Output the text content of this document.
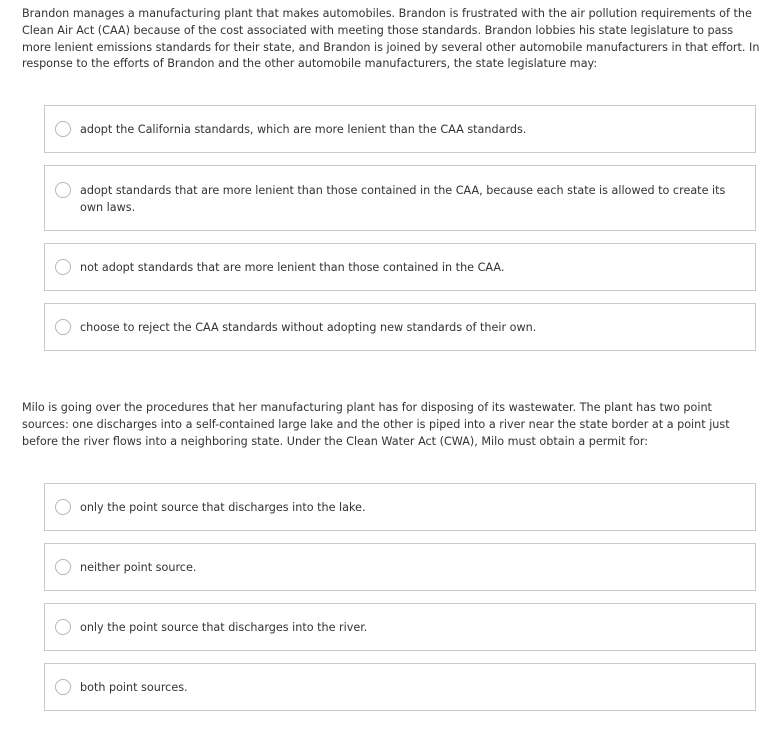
Brandon manages a manufacturing plant that makes automobiles. Brandon is frustrated with the air pollution requirements of the Clean Air Act (CAA) because of the cost associated with meeting those standards. Brandon lobbies his state legislature to pass more lenient emissions standards for their state, and Brandon is joined by several other automobile manufacturers in that effort. In response to the efforts of Brandon and the other automobile manufacturers, the state legislature may:

adopt the California standards, which are more lenient than the CAA standards.
adopt standards that are more lenient than those contained in the CAA, because each state is allowed to create its own laws.
not adopt standards that are more lenient than those contained in the CAA.
choose to reject the CAA standards without adopting new standards of their own.

Milo is going over the procedures that her manufacturing plant has for disposing of its wastewater. The plant has two point sources: one discharges into a self-contained large lake and the other is piped into a river near the state border at a point just before the river flows into a neighboring state. Under the Clean Water Act (CWA), Milo must obtain a permit for:

only the point source that discharges into the lake.
neither point source.
only the point source that discharges into the river.
both point sources.
